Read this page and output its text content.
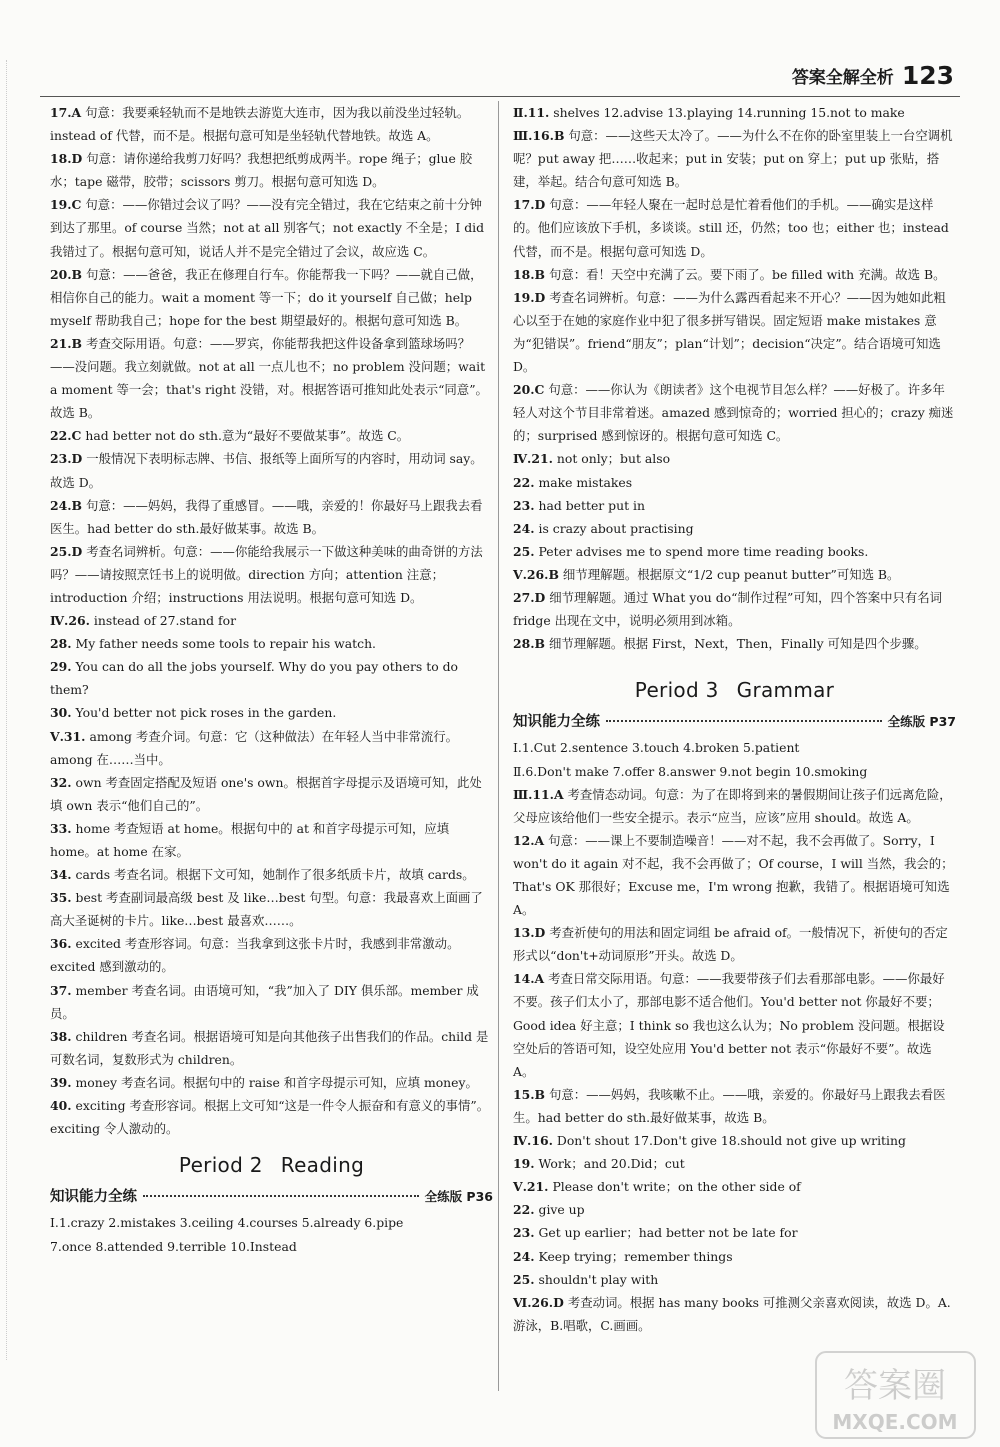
答案全解全析 123

17.A 句意：我要乘轻轨而不是地铁去游览大连市，因为我以前没坐过轻轨。instead of 代替，而不是。根据句意可知是坐轻轨代替地铁。故选 A。

18.D 句意：请你递给我剪刀好吗？我想把纸剪成两半。rope 绳子；glue 胶水；tape 磁带，胶带；scissors 剪刀。根据句意可知选 D。

19.C 句意：——你错过会议了吗？——没有完全错过，我在它结束之前十分钟到达了那里。of course 当然；not at all 别客气；not exactly 不全是；I did 我错过了。根据句意可知，说话人并不是完全错过了会议，故应选 C。

20.B 句意：——爸爸，我正在修理自行车。你能帮我一下吗？——就自己做，相信你自己的能力。wait a moment 等一下；do it yourself 自己做；help myself 帮助我自己；hope for the best 期望最好的。根据句意可知选 B。

21.B 考查交际用语。句意：——罗宾，你能帮我把这件设备拿到篮球场吗？——没问题。我立刻就做。not at all 一点儿也不；no problem 没问题；wait a moment 等一会；that's right 没错，对。根据答语可推知此处表示“同意”。故选 B。

22.C had better not do sth.意为“最好不要做某事”。故选 C。

23.D 一般情况下表明标志牌、书信、报纸等上面所写的内容时，用动词 say。故选 D。

24.B 句意：——妈妈，我得了重感冒。——哦，亲爱的！你最好马上跟我去看医生。had better do sth.最好做某事。故选 B。

25.D 考查名词辨析。句意：——你能给我展示一下做这种美味的曲奇饼的方法吗？——请按照烹饪书上的说明做。direction 方向；attention 注意；introduction 介绍；instructions 用法说明。根据句意可知选 D。

Ⅳ.26. instead of 27.stand for

28. My father needs some tools to repair his watch.

29. You can do all the jobs yourself. Why do you pay others to do them?

30. You'd better not pick roses in the garden.

Ⅴ.31. among 考查介词。句意：它（这种做法）在年轻人当中非常流行。among 在……当中。

32. own 考查固定搭配及短语 one's own。根据首字母提示及语境可知，此处填 own 表示“他们自己的”。

33. home 考查短语 at home。根据句中的 at 和首字母提示可知，应填 home。at home 在家。

34. cards 考查名词。根据下文可知，她制作了很多纸质卡片，故填 cards。

35. best 考查副词最高级 best 及 like…best 句型。句意：我最喜欢上面画了高大圣诞树的卡片。like…best 最喜欢……。

36. excited 考查形容词。句意：当我拿到这张卡片时，我感到非常激动。excited 感到激动的。

37. member 考查名词。由语境可知，“我”加入了 DIY 俱乐部。member 成员。

38. children 考查名词。根据语境可知是向其他孩子出售我们的作品。child 是可数名词，复数形式为 children。

39. money 考查名词。根据句中的 raise 和首字母提示可知，应填 money。

40. exciting 考查形容词。根据上文可知“这是一件令人振奋和有意义的事情”。exciting 令人激动的。

Period 2 Reading
知识能力全练	全练版 P36

Ⅰ.1.crazy 2.mistakes 3.ceiling 4.courses 5.already 6.pipe

7.once 8.attended 9.terrible 10.Instead

Ⅱ.11. shelves 12.advise 13.playing 14.running 15.not to make

Ⅲ.16.B 句意：——这些天太冷了。——为什么不在你的卧室里装上一台空调机呢？put away 把……收起来；put in 安装；put on 穿上；put up 张贴，搭建，举起。结合句意可知选 B。

17.D 句意：——年轻人聚在一起时总是忙着看他们的手机。——确实是这样的。他们应该放下手机，多谈谈。still 还，仍然；too 也；either 也；instead 代替，而不是。根据句意可知选 D。

18.B 句意：看！天空中充满了云。要下雨了。be filled with 充满。故选 B。

19.D 考查名词辨析。句意：——为什么露西看起来不开心？——因为她如此粗心以至于在她的家庭作业中犯了很多拼写错误。固定短语 make mistakes 意为“犯错误”。friend“朋友”；plan“计划”；decision“决定”。结合语境可知选 D。

20.C 句意：——你认为《朗读者》这个电视节目怎么样？——好极了。许多年轻人对这个节目非常着迷。amazed 感到惊奇的；worried 担心的；crazy 痴迷的；surprised 感到惊讶的。根据句意可知选 C。

Ⅳ.21. not only；but also

22. make mistakes

23. had better put in

24. is crazy about practising

25. Peter advises me to spend more time reading books.

Ⅴ.26.B 细节理解题。根据原文“1/2 cup peanut butter”可知选 B。

27.D 细节理解题。通过 What you do“制作过程”可知，四个答案中只有名词 fridge 出现在文中，说明必须用到冰箱。

28.B 细节理解题。根据 First，Next，Then，Finally 可知是四个步骤。

Period 3 Grammar
知识能力全练	全练版 P37

Ⅰ.1.Cut 2.sentence 3.touch 4.broken 5.patient

Ⅱ.6.Don't make 7.offer 8.answer 9.not begin 10.smoking

Ⅲ.11.A 考查情态动词。句意：为了在即将到来的暑假期间让孩子们远离危险，父母应该给他们一些安全提示。表示“应当，应该”应用 should。故选 A。

12.A 句意：——课上不要制造噪音！——对不起，我不会再做了。Sorry，I won't do it again 对不起，我不会再做了；Of course，I will 当然，我会的；That's OK 那很好；Excuse me，I'm wrong 抱歉，我错了。根据语境可知选 A。

13.D 考查祈使句的用法和固定词组 be afraid of。一般情况下，祈使句的否定形式以“don't+动词原形”开头。故选 D。

14.A 考查日常交际用语。句意：——我要带孩子们去看那部电影。——你最好不要。孩子们太小了，那部电影不适合他们。You'd better not 你最好不要；Good idea 好主意；I think so 我也这么认为；No problem 没问题。根据设空处后的答语可知，设空处应用 You'd better not 表示“你最好不要”。故选 A。

15.B 句意：——妈妈，我咳嗽不止。——哦，亲爱的。你最好马上跟我去看医生。had better do sth.最好做某事，故选 B。

Ⅳ.16. Don't shout 17.Don't give 18.should not give up writing

19. Work；and 20.Did；cut

Ⅴ.21. Please don't write；on the other side of

22. give up

23. Get up earlier；had better not be late for

24. Keep trying；remember things

25. shouldn't play with

Ⅵ.26.D 考查动词。根据 has many books 可推测父亲喜欢阅读，故选 D。A.游泳，B.唱歌，C.画画。

答案圈
MXQE.COM
